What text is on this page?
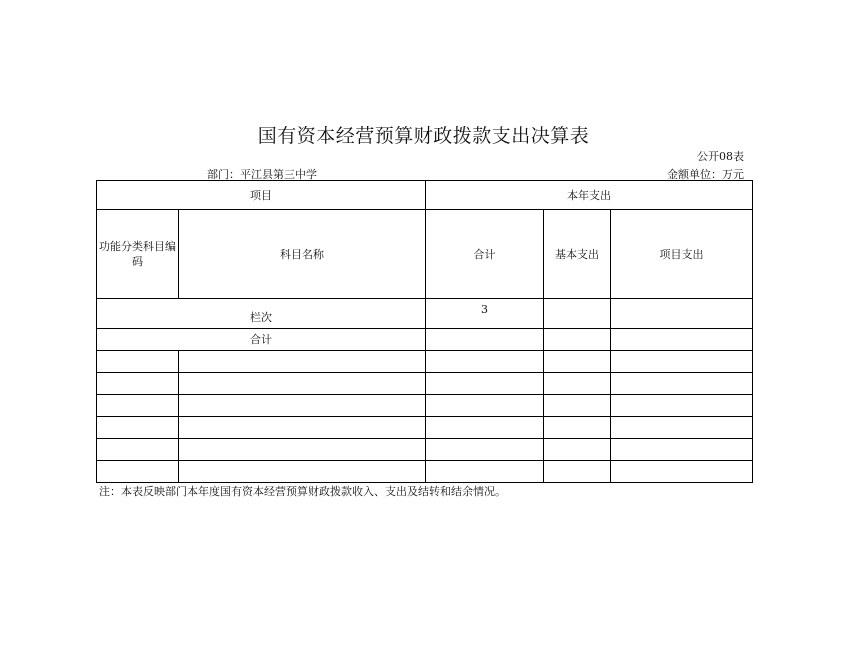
国有资本经营预算财政拨款支出决算表
公开08表
部门：平江县第三中学	金额单位：万元
项目		本年支出		
功能分类科目编码	科目名称	合计	基本支出	项目支出
栏次		3		
合计				

注：本表反映部门本年度国有资本经营预算财政拨款收入、支出及结转和结余情况。
